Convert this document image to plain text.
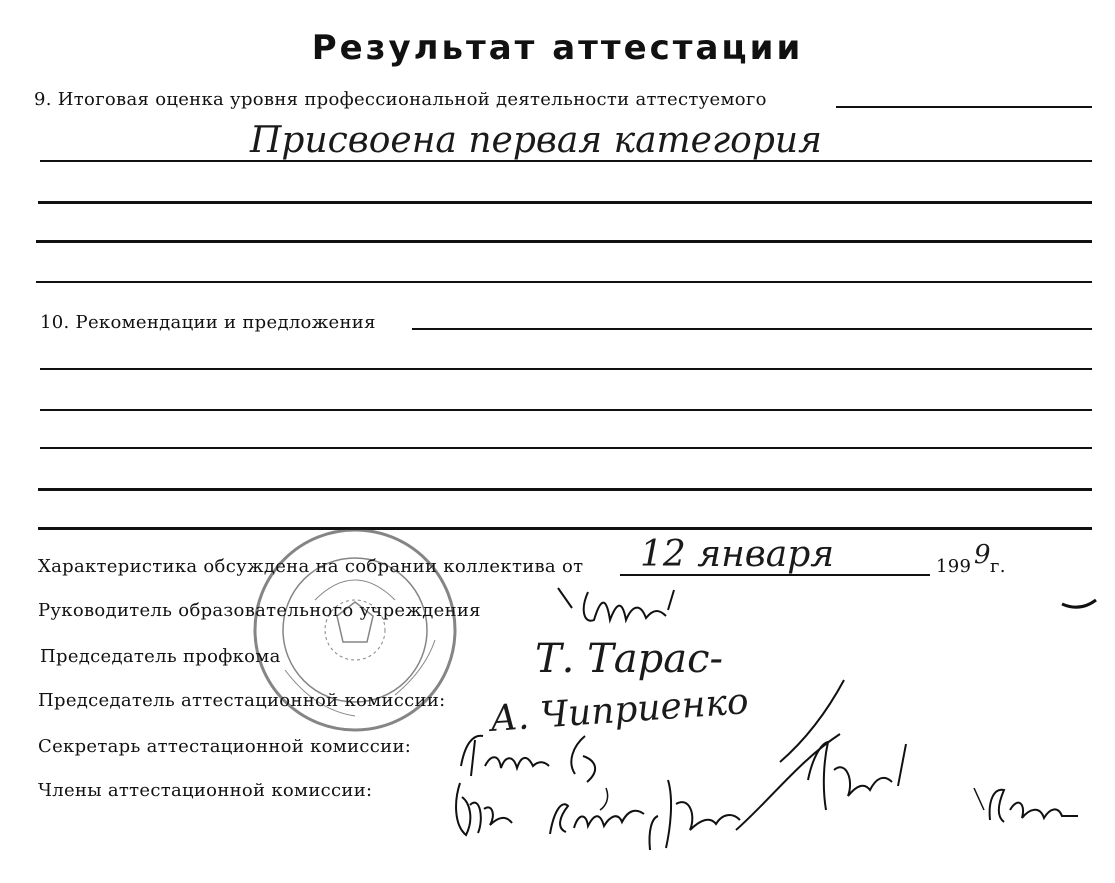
Результат аттестации
9. Итоговая оценка уровня профессиональной деятельности аттестуемого
Присвоена первая категория
10. Рекомендации и предложения
Характеристика обсуждена на собрании коллектива от 12 января	199 9 г.
Руководитель образовательного учреждения
Председатель профкома
Председатель аттестационной комиссии:
Секретарь аттестационной комиссии:
Члены аттестационной комиссии:
Т. Тарас-
А. Чиприенко
